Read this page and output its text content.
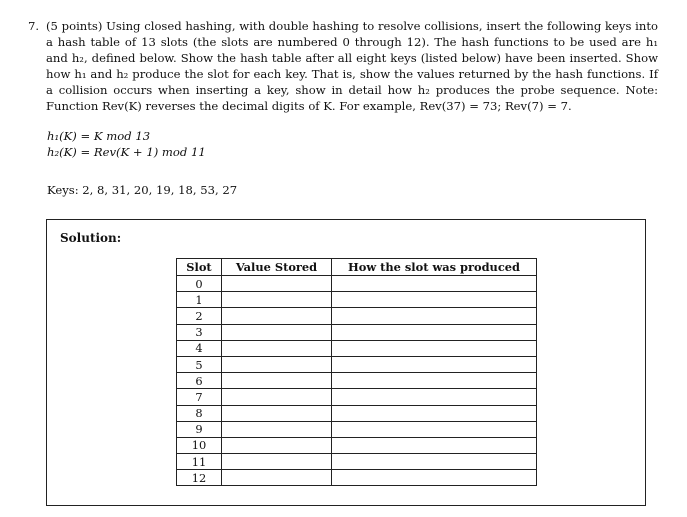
7. (5 points) Using closed hashing, with double hashing to resolve collisions, insert the following keys into a hash table of 13 slots (the slots are numbered 0 through 12). The hash functions to be used are h₁ and h₂, defined below. Show the hash table after all eight keys (listed below) have been inserted. Show how h₁ and h₂ produce the slot for each key. That is, show the values returned by the hash functions. If a collision occurs when inserting a key, show in detail how h₂ produces the probe sequence. Note: Function Rev(K) reverses the decimal digits of K. For example, Rev(37) = 73; Rev(7) = 7.
h₁(K) = K mod 13
h₂(K) = Rev(K + 1) mod 11
Keys: 2, 8, 31, 20, 19, 18, 53, 27
Solution:
Slot	Value Stored	How the slot was produced
0		
1		
2		
3		
4		
5		
6		
7		
8		
9		
10		
11		
12		
